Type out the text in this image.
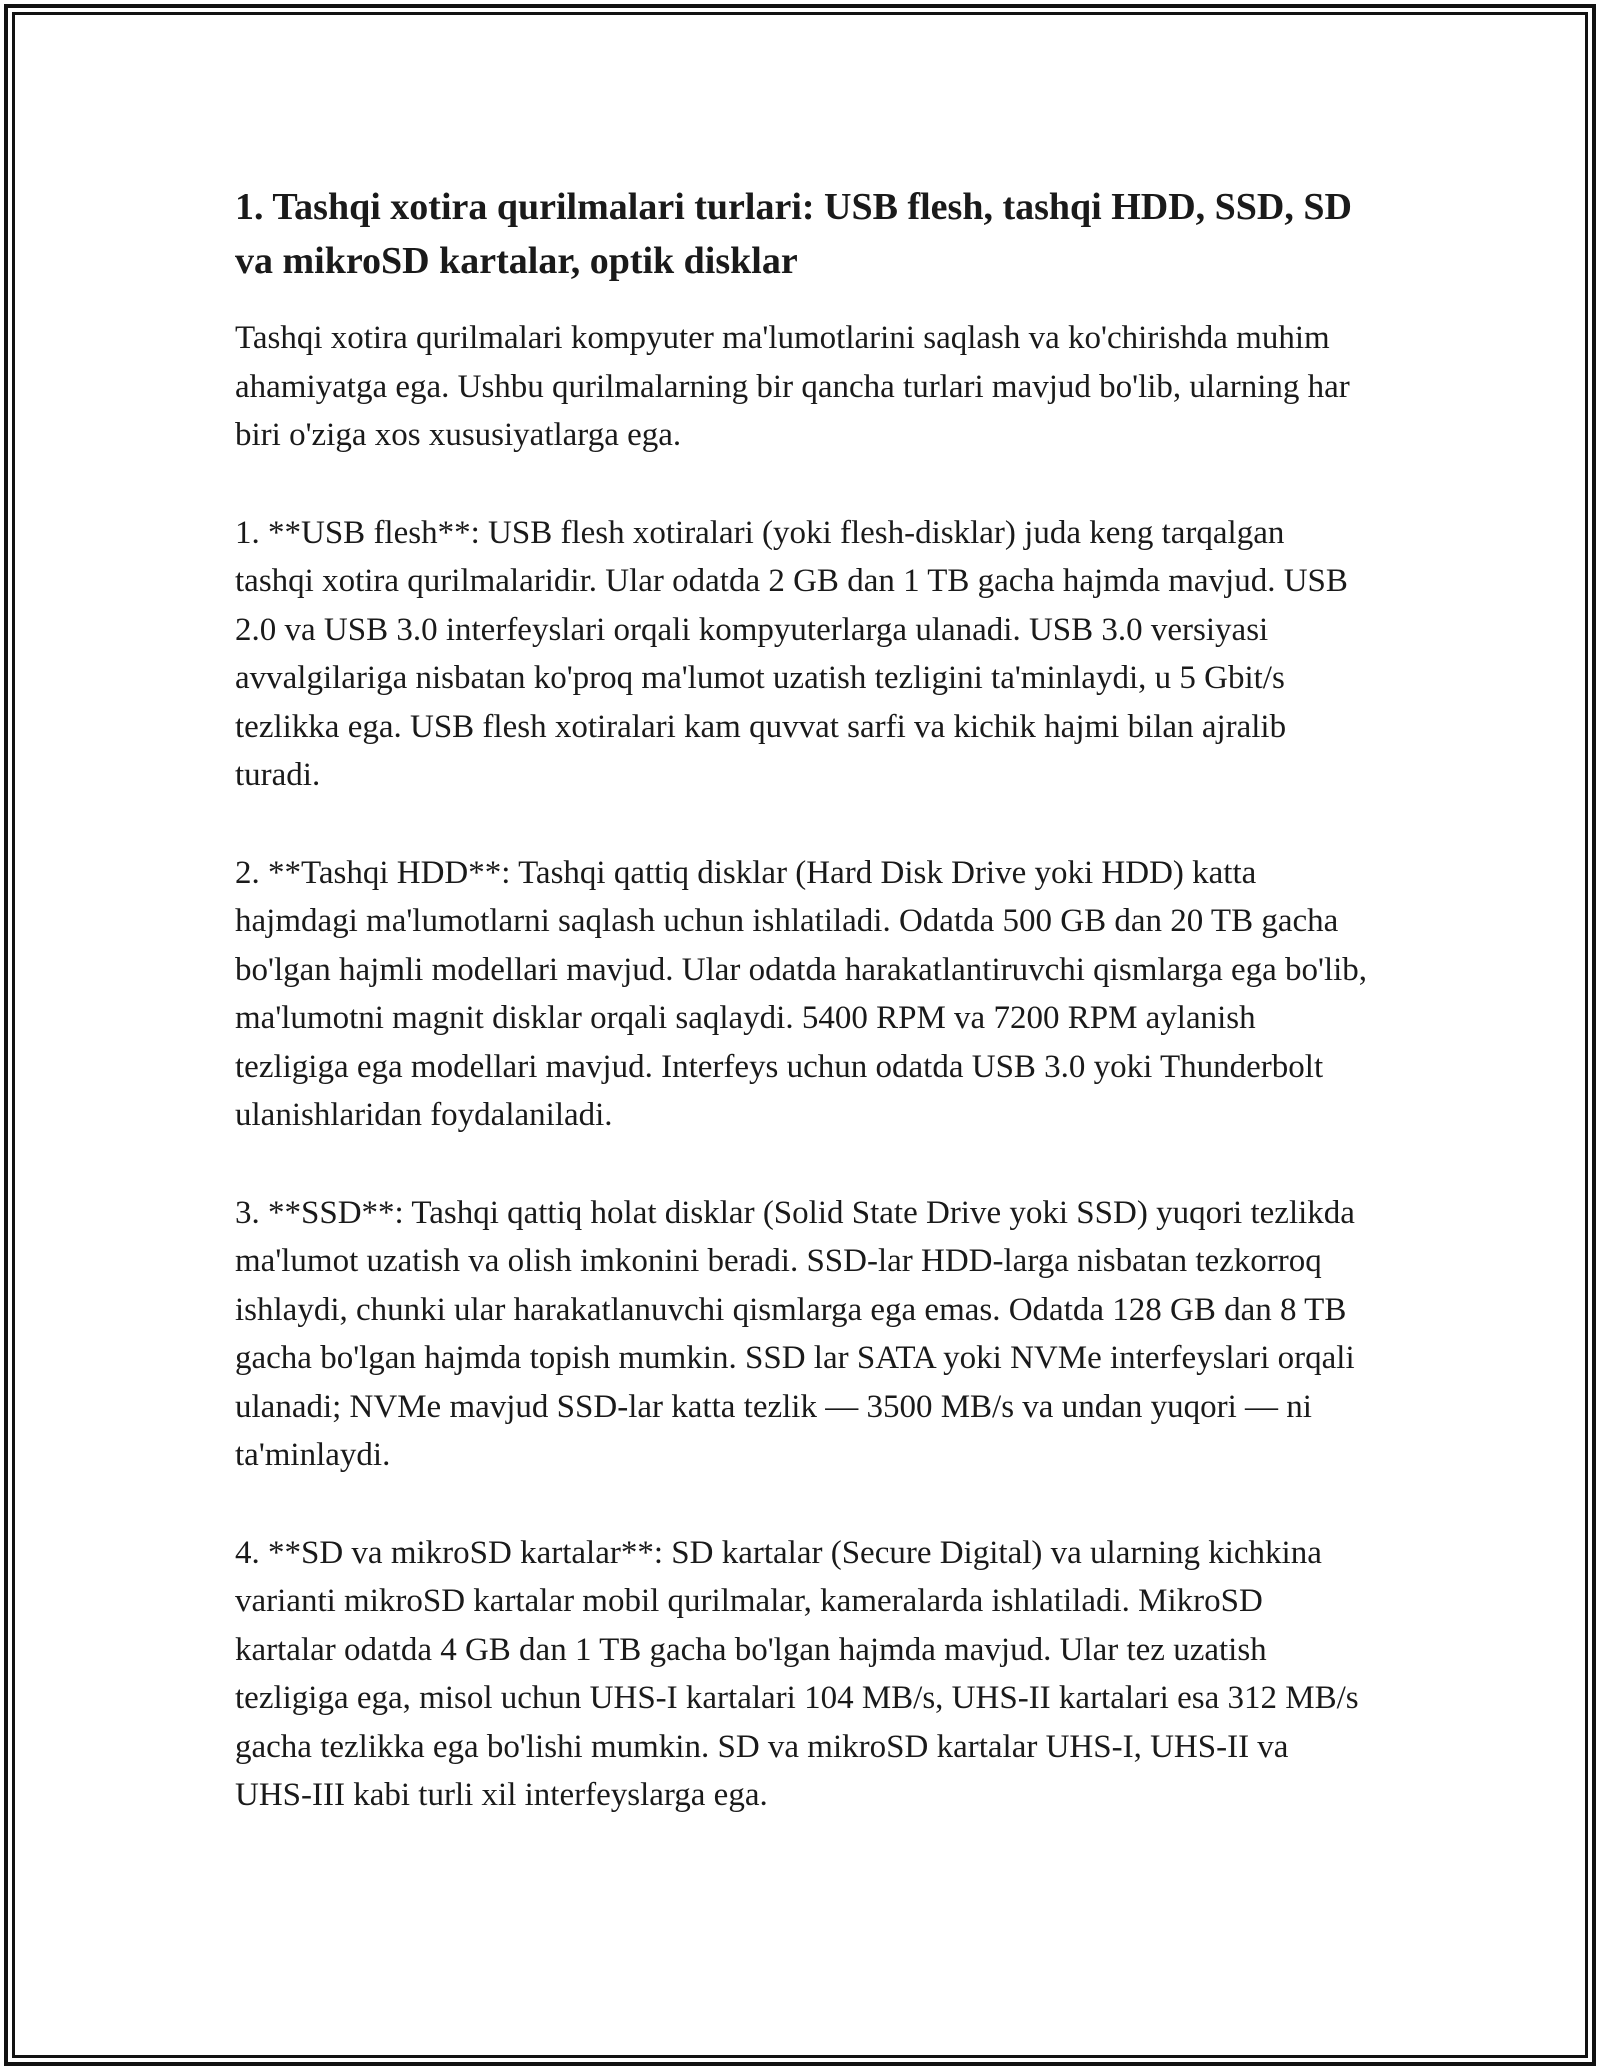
1. Tashqi xotira qurilmalari turlari: USB flesh, tashqi HDD, SSD, SD va mikroSD kartalar, optik disklar

Tashqi xotira qurilmalari kompyuter ma'lumotlarini saqlash va ko'chirishda muhim ahamiyatga ega. Ushbu qurilmalarning bir qancha turlari mavjud bo'lib, ularning har biri o'ziga xos xususiyatlarga ega.

1. **USB flesh**: USB flesh xotiralari (yoki flesh-disklar) juda keng tarqalgan tashqi xotira qurilmalaridir. Ular odatda 2 GB dan 1 TB gacha hajmda mavjud. USB 2.0 va USB 3.0 interfeyslari orqali kompyuterlarga ulanadi. USB 3.0 versiyasi avvalgilariga nisbatan ko'proq ma'lumot uzatish tezligini ta'minlaydi, u 5 Gbit/s tezlikka ega. USB flesh xotiralari kam quvvat sarfi va kichik hajmi bilan ajralib turadi.

2. **Tashqi HDD**: Tashqi qattiq disklar (Hard Disk Drive yoki HDD) katta hajmdagi ma'lumotlarni saqlash uchun ishlatiladi. Odatda 500 GB dan 20 TB gacha bo'lgan hajmli modellari mavjud. Ular odatda harakatlantiruvchi qismlarga ega bo'lib, ma'lumotni magnit disklar orqali saqlaydi. 5400 RPM va 7200 RPM aylanish tezligiga ega modellari mavjud. Interfeys uchun odatda USB 3.0 yoki Thunderbolt ulanishlaridan foydalaniladi.

3. **SSD**: Tashqi qattiq holat disklar (Solid State Drive yoki SSD) yuqori tezlikda ma'lumot uzatish va olish imkonini beradi. SSD-lar HDD-larga nisbatan tezkorroq ishlaydi, chunki ular harakatlanuvchi qismlarga ega emas. Odatda 128 GB dan 8 TB gacha bo'lgan hajmda topish mumkin. SSD lar SATA yoki NVMe interfeyslari orqali ulanadi; NVMe mavjud SSD-lar katta tezlik — 3500 MB/s va undan yuqori — ni ta'minlaydi.

4. **SD va mikroSD kartalar**: SD kartalar (Secure Digital) va ularning kichkina varianti mikroSD kartalar mobil qurilmalar, kameralarda ishlatiladi. MikroSD kartalar odatda 4 GB dan 1 TB gacha bo'lgan hajmda mavjud. Ular tez uzatish tezligiga ega, misol uchun UHS-I kartalari 104 MB/s, UHS-II kartalari esa 312 MB/s gacha tezlikka ega bo'lishi mumkin. SD va mikroSD kartalar UHS-I, UHS-II va UHS-III kabi turli xil interfeyslarga ega.
